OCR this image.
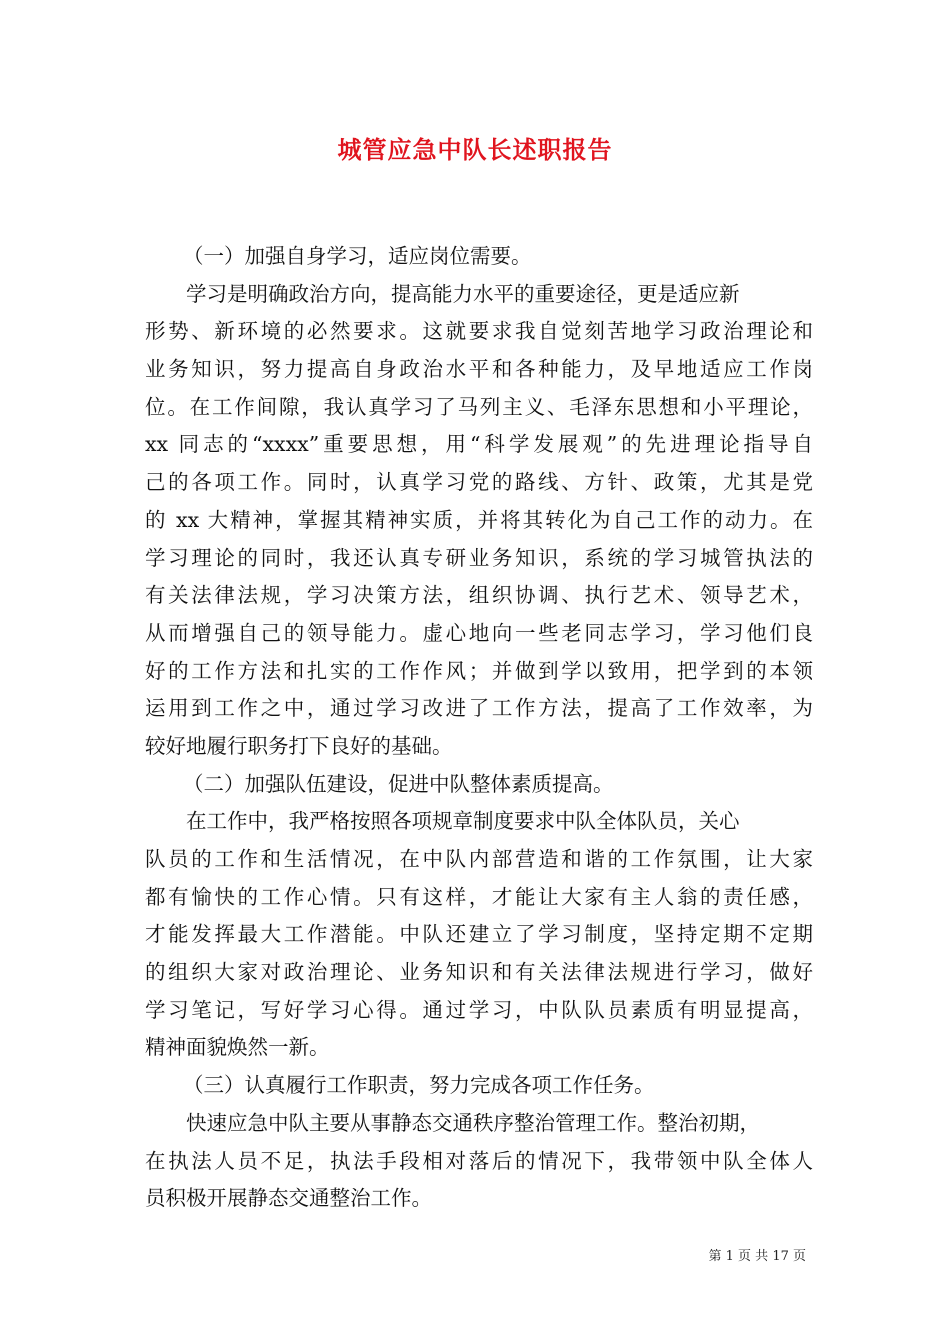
城管应急中队长述职报告
（一）加强自身学习，适应岗位需要。
学习是明确政治方向，提高能力水平的重要途径，更是适应新
形势、新环境的必然要求。这就要求我自觉刻苦地学习政治理论和
业务知识，努力提高自身政治水平和各种能力，及早地适应工作岗
位。在工作间隙，我认真学习了马列主义、毛泽东思想和小平理论，
xx 同志的“xxxx”重要思想，用“科学发展观”的先进理论指导自
己的各项工作。同时，认真学习党的路线、方针、政策，尤其是党
的 xx 大精神，掌握其精神实质，并将其转化为自己工作的动力。在
学习理论的同时，我还认真专研业务知识，系统的学习城管执法的
有关法律法规，学习决策方法，组织协调、执行艺术、领导艺术，
从而增强自己的领导能力。虚心地向一些老同志学习，学习他们良
好的工作方法和扎实的工作作风；并做到学以致用，把学到的本领
运用到工作之中，通过学习改进了工作方法，提高了工作效率，为
较好地履行职务打下良好的基础。
（二）加强队伍建设，促进中队整体素质提高。
在工作中，我严格按照各项规章制度要求中队全体队员，关心
队员的工作和生活情况，在中队内部营造和谐的工作氛围，让大家
都有愉快的工作心情。只有这样，才能让大家有主人翁的责任感，
才能发挥最大工作潜能。中队还建立了学习制度，坚持定期不定期
的组织大家对政治理论、业务知识和有关法律法规进行学习，做好
学习笔记，写好学习心得。通过学习，中队队员素质有明显提高，
精神面貌焕然一新。
（三）认真履行工作职责，努力完成各项工作任务。
快速应急中队主要从事静态交通秩序整治管理工作。整治初期，
在执法人员不足，执法手段相对落后的情况下，我带领中队全体人
员积极开展静态交通整治工作。
第 1 页 共 17 页
